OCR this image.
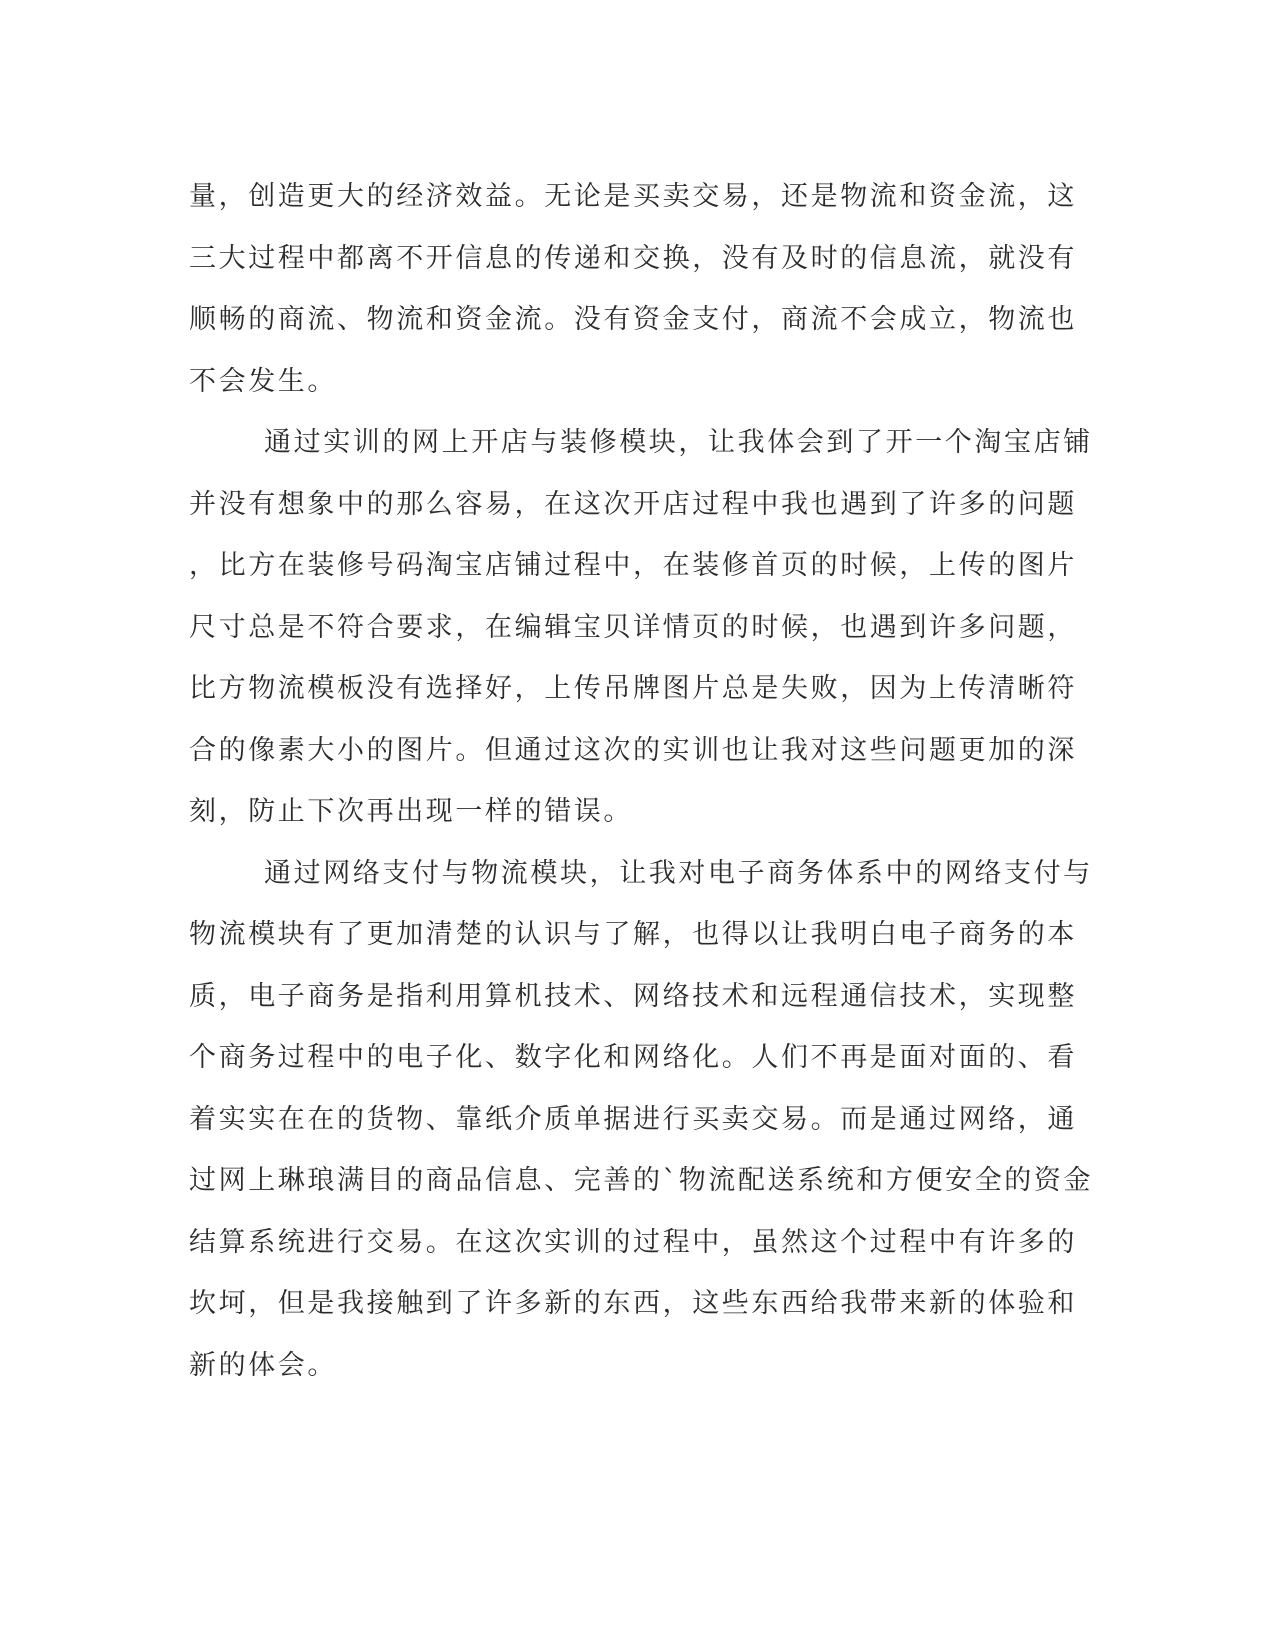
量，创造更大的经济效益。无论是买卖交易，还是物流和资金流，这
三大过程中都离不开信息的传递和交换，没有及时的信息流，就没有
顺畅的商流、物流和资金流。没有资金支付，商流不会成立，物流也
不会发生。
通过实训的网上开店与装修模块，让我体会到了开一个淘宝店铺
并没有想象中的那么容易，在这次开店过程中我也遇到了许多的问题
，比方在装修号码淘宝店铺过程中，在装修首页的时候，上传的图片
尺寸总是不符合要求，在编辑宝贝详情页的时候，也遇到许多问题，
比方物流模板没有选择好，上传吊牌图片总是失败，因为上传清晰符
合的像素大小的图片。但通过这次的实训也让我对这些问题更加的深
刻，防止下次再出现一样的错误。
通过网络支付与物流模块，让我对电子商务体系中的网络支付与
物流模块有了更加清楚的认识与了解，也得以让我明白电子商务的本
质，电子商务是指利用算机技术、网络技术和远程通信技术，实现整
个商务过程中的电子化、数字化和网络化。人们不再是面对面的、看
着实实在在的货物、靠纸介质单据进行买卖交易。而是通过网络，通
过网上琳琅满目的商品信息、完善的`物流配送系统和方便安全的资金
结算系统进行交易。在这次实训的过程中，虽然这个过程中有许多的
坎坷，但是我接触到了许多新的东西，这些东西给我带来新的体验和
新的体会。
